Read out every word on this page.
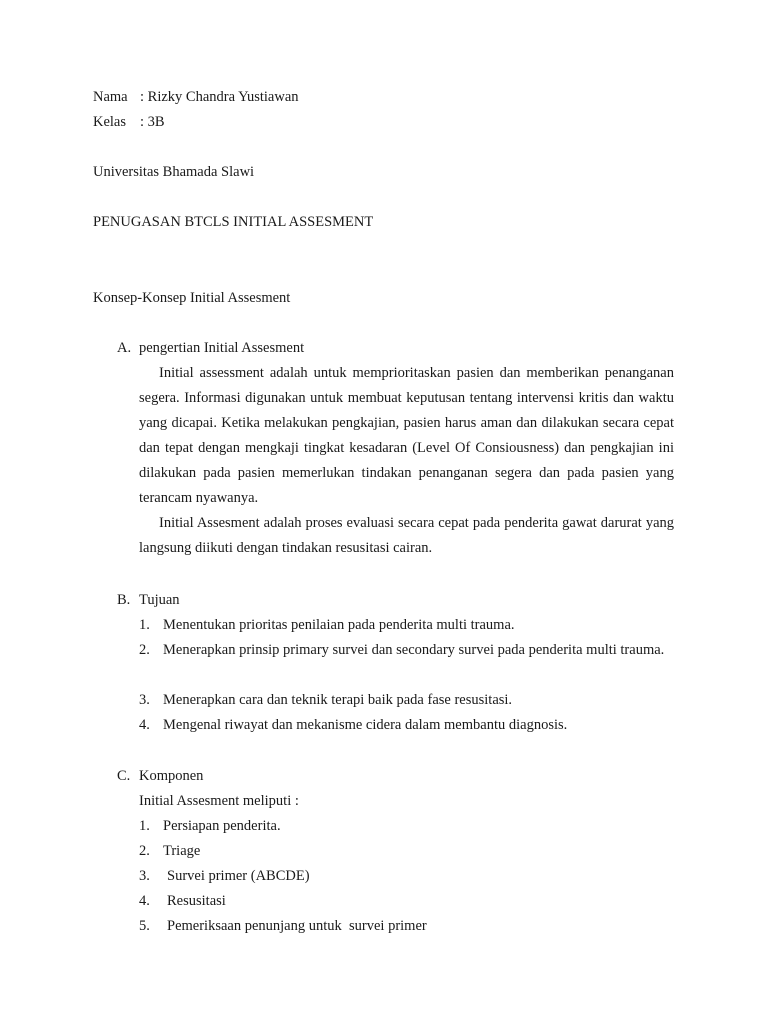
Nama : Rizky Chandra Yustiawan
Kelas : 3B
Universitas Bhamada Slawi
PENUGASAN BTCLS INITIAL ASSESMENT
Konsep-Konsep Initial Assesment
A. pengertian Initial Assesment
Initial assessment adalah untuk memprioritaskan pasien dan memberikan penanganan segera. Informasi digunakan untuk membuat keputusan tentang intervensi kritis dan waktu yang dicapai. Ketika melakukan pengkajian, pasien harus aman dan dilakukan secara cepat dan tepat dengan mengkaji tingkat kesadaran (Level Of Consiousness) dan pengkajian ini dilakukan pada pasien memerlukan tindakan penanganan segera dan pada pasien yang terancam nyawanya.
Initial Assesment adalah proses evaluasi secara cepat pada penderita gawat darurat yang langsung diikuti dengan tindakan resusitasi cairan.
B. Tujuan
1. Menentukan prioritas penilaian pada penderita multi trauma.
2. Menerapkan prinsip primary survei dan secondary survei pada penderita multi trauma.
3. Menerapkan cara dan teknik terapi baik pada fase resusitasi.
4. Mengenal riwayat dan mekanisme cidera dalam membantu diagnosis.
C. Komponen
Initial Assesment meliputi :
1. Persiapan penderita.
2. Triage
3. Survei primer (ABCDE)
4. Resusitasi
5. Pemeriksaan penunjang untuk  survei primer
